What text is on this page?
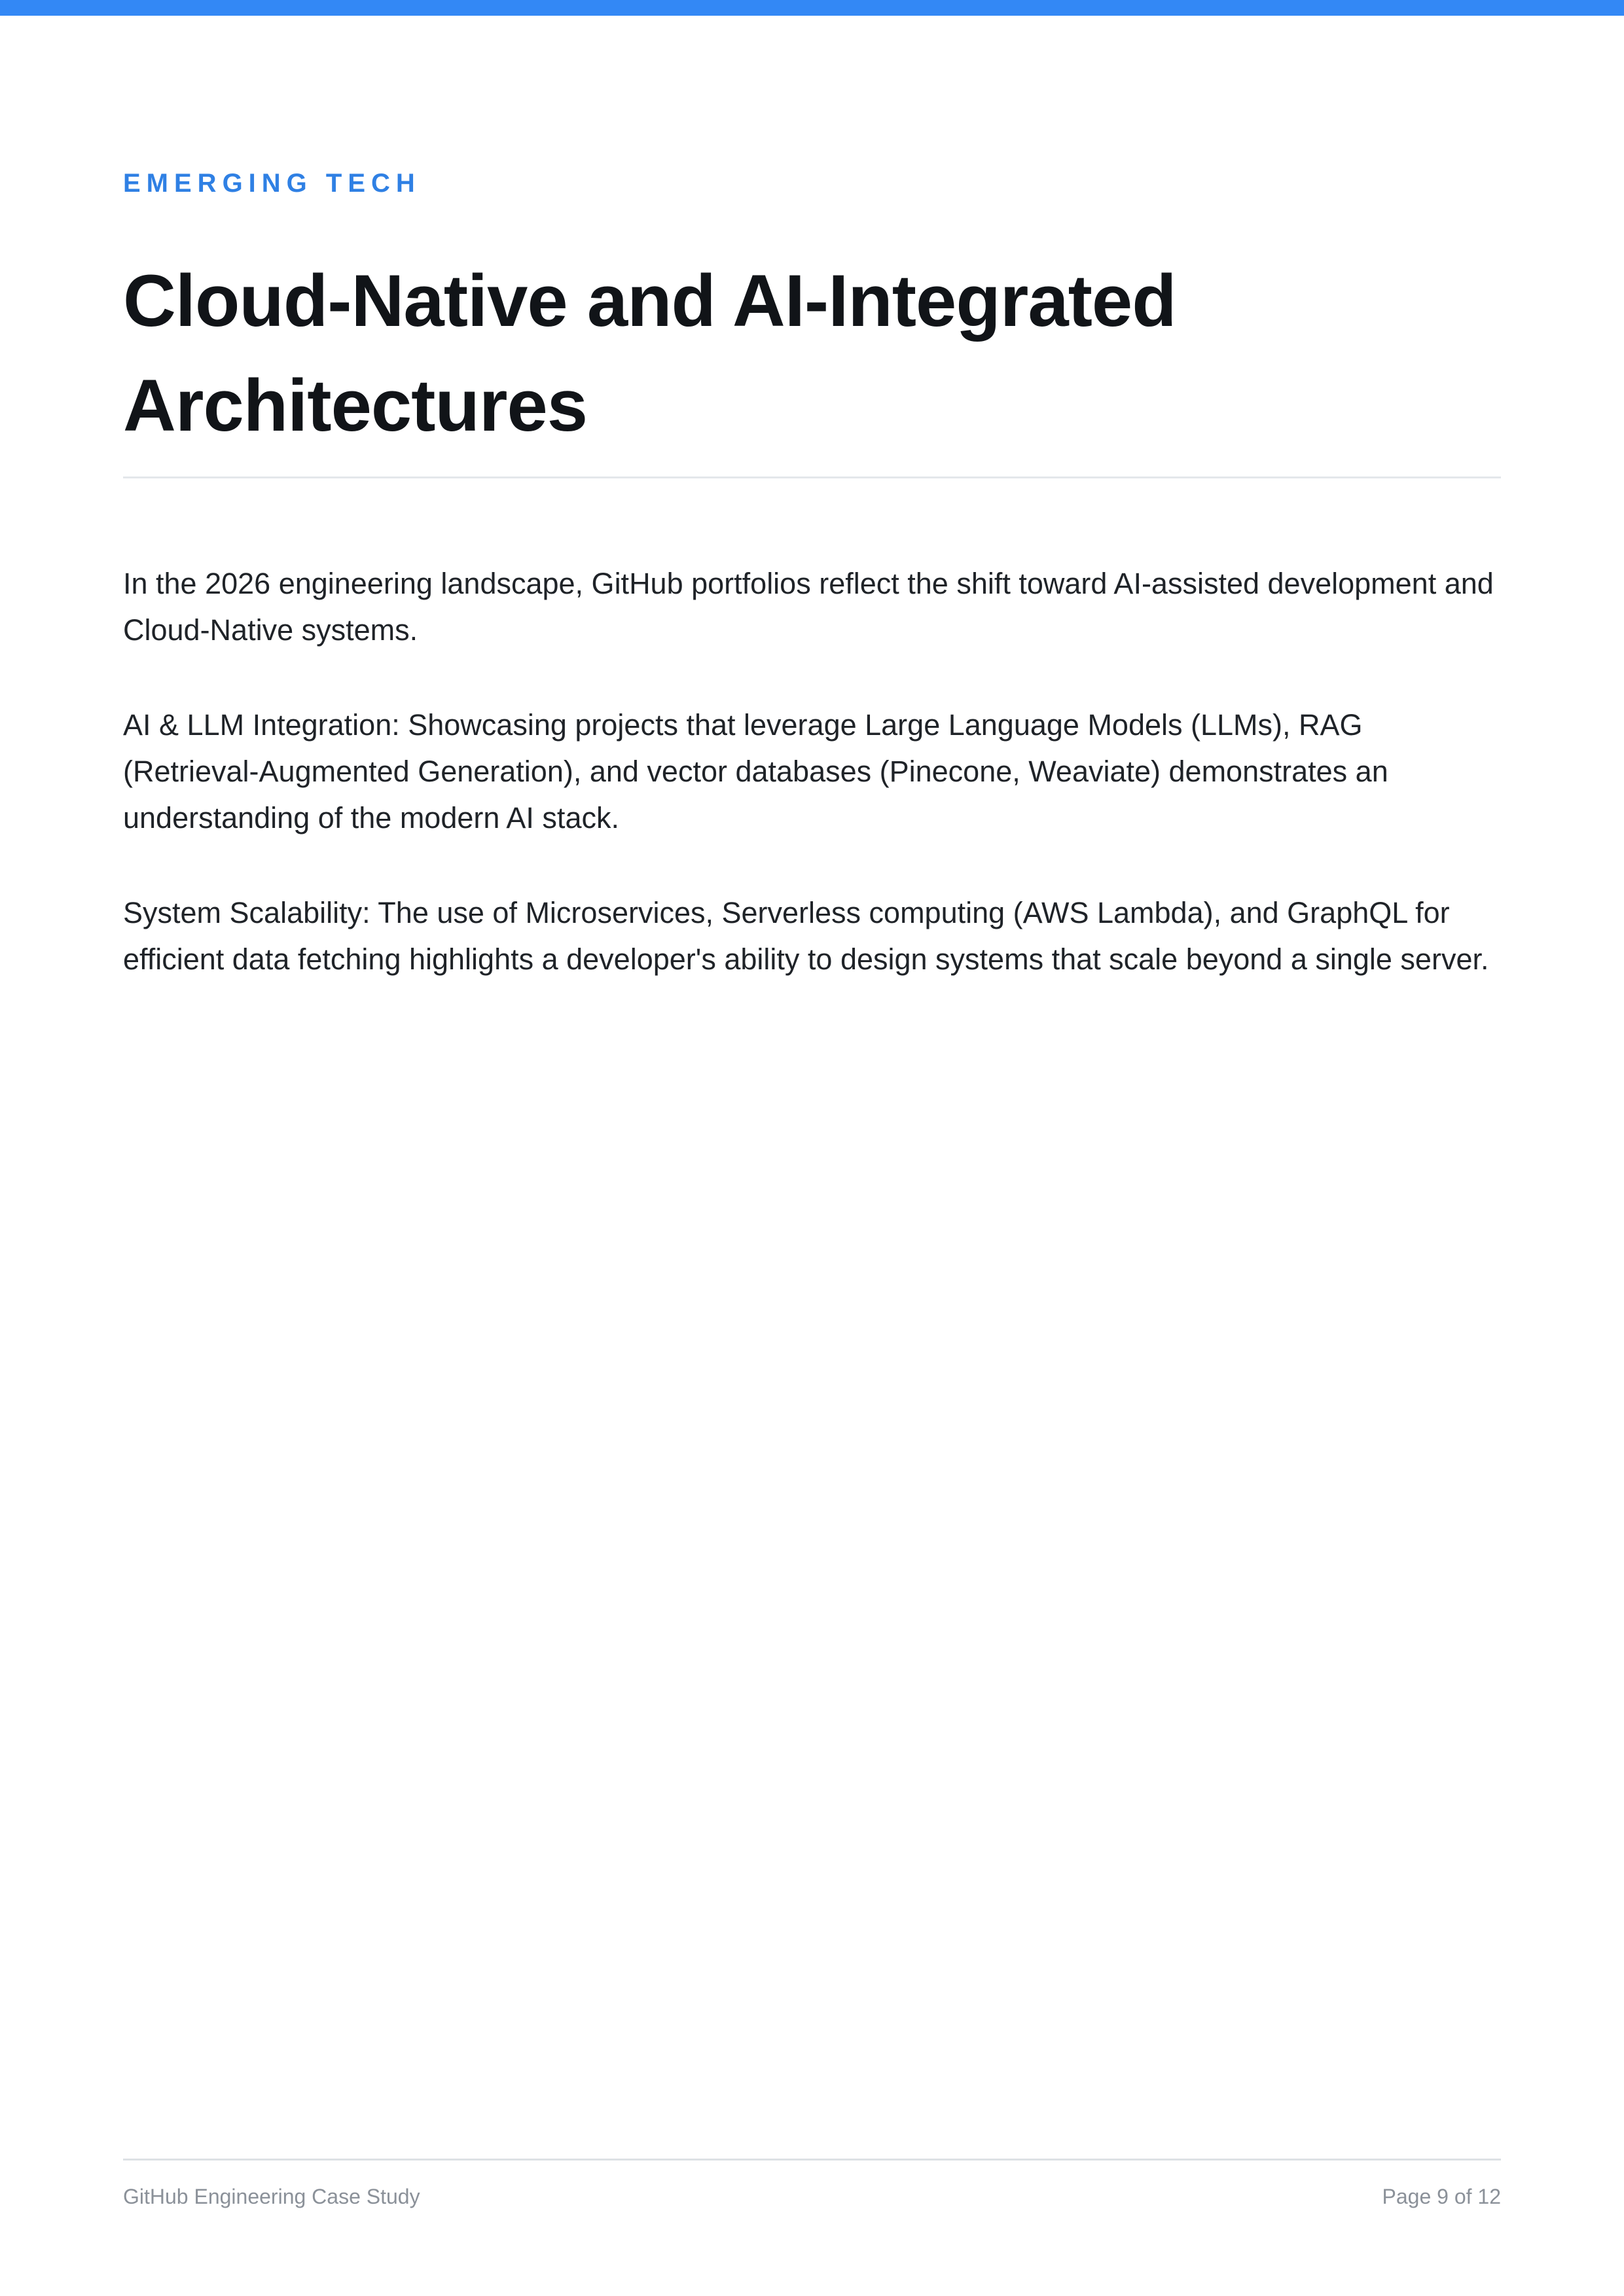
EMERGING TECH
Cloud-Native and AI-Integrated Architectures

In the 2026 engineering landscape, GitHub portfolios reflect the shift toward AI-assisted development and Cloud-Native systems.

AI & LLM Integration: Showcasing projects that leverage Large Language Models (LLMs), RAG (Retrieval-Augmented Generation), and vector databases (Pinecone, Weaviate) demonstrates an understanding of the modern AI stack.

System Scalability: The use of Microservices, Serverless computing (AWS Lambda), and GraphQL for efficient data fetching highlights a developer's ability to design systems that scale beyond a single server.

GitHub Engineering Case Study	Page 9 of 12
